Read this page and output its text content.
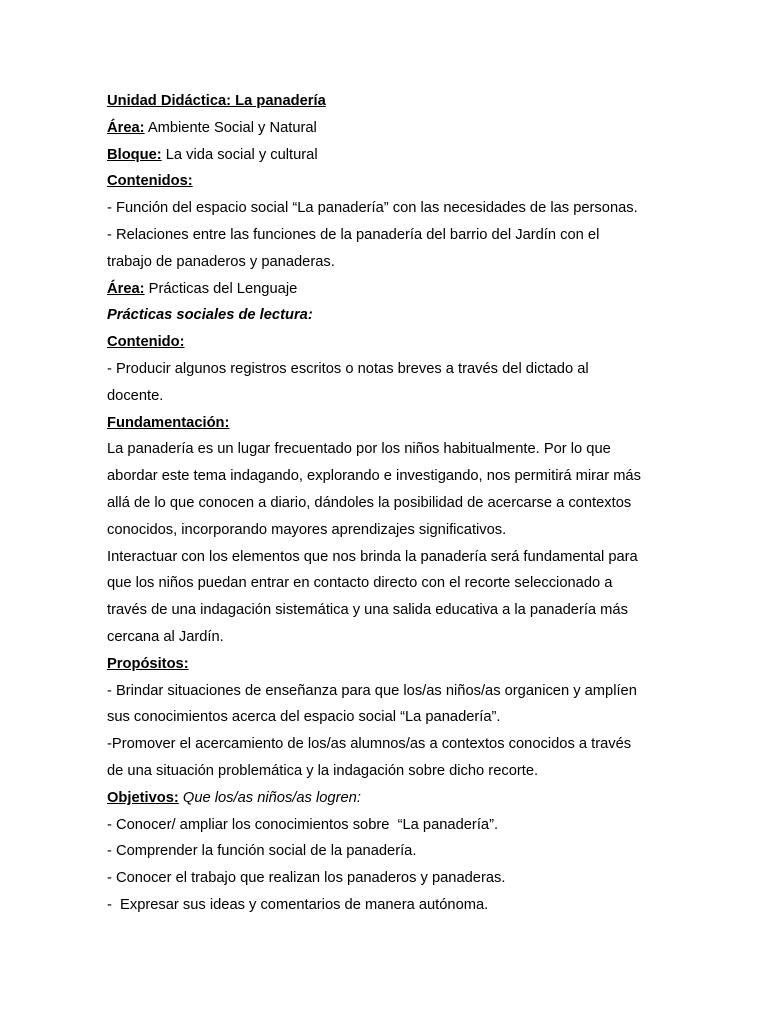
Unidad Didáctica: La panadería

Área: Ambiente Social y Natural

Bloque: La vida social y cultural

Contenidos:

- Función del espacio social “La panadería” con las necesidades de las personas.

- Relaciones entre las funciones de la panadería del barrio del Jardín con el

trabajo de panaderos y panaderas.

Área: Prácticas del Lenguaje

Prácticas sociales de lectura:

Contenido:

- Producir algunos registros escritos o notas breves a través del dictado al

docente.

Fundamentación:

La panadería es un lugar frecuentado por los niños habitualmente. Por lo que

abordar este tema indagando, explorando e investigando, nos permitirá mirar más

allá de lo que conocen a diario, dándoles la posibilidad de acercarse a contextos

conocidos, incorporando mayores aprendizajes significativos.

Interactuar con los elementos que nos brinda la panadería será fundamental para

que los niños puedan entrar en contacto directo con el recorte seleccionado a

través de una indagación sistemática y una salida educativa a la panadería más

cercana al Jardín.

Propósitos:

- Brindar situaciones de enseñanza para que los/as niños/as organicen y amplíen

sus conocimientos acerca del espacio social “La panadería”.

-Promover el acercamiento de los/as alumnos/as a contextos conocidos a través

de una situación problemática y la indagación sobre dicho recorte.

Objetivos: Que los/as niños/as logren:

- Conocer/ ampliar los conocimientos sobre  “La panadería”.

- Comprender la función social de la panadería.

- Conocer el trabajo que realizan los panaderos y panaderas.

-  Expresar sus ideas y comentarios de manera autónoma.
